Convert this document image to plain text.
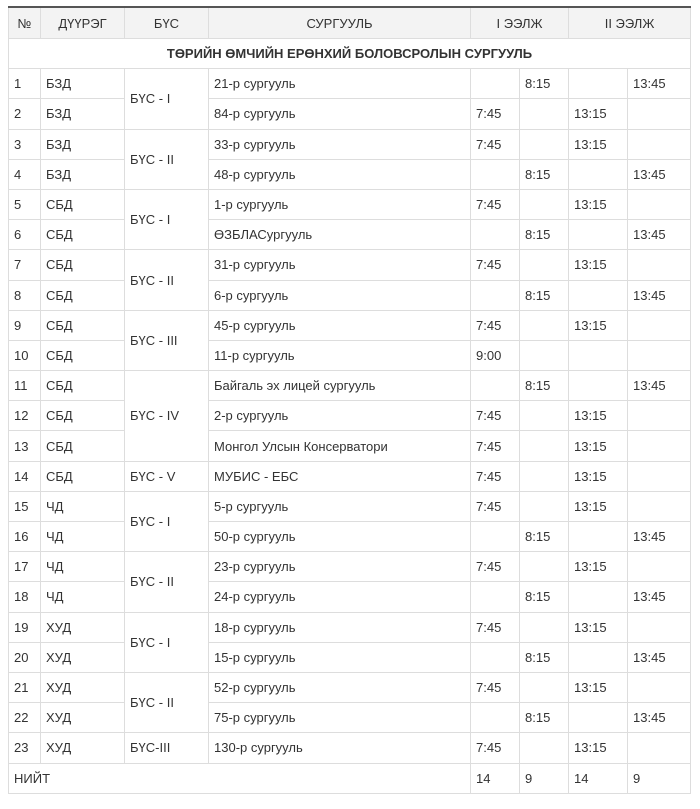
№	ДҮҮРЭГ	БҮС	СУРГУУЛЬ	I ЭЭЛЖ		II ЭЭЛЖ	
ТӨРИЙН ӨМЧИЙН ЕРӨНХИЙ БОЛОВСРОЛЫН СУРГУУЛЬ							
1	БЗД	БҮС - I	21-р сургууль		8:15		13:45
2	БЗД		84-р сургууль	7:45		13:15	
3	БЗД	БҮС - II	33-р сургууль	7:45		13:15	
4	БЗД		48-р сургууль		8:15		13:45
5	СБД	БҮС - I	1-р сургууль	7:45		13:15	
6	СБД		ӨЗБЛАСургууль		8:15		13:45
7	СБД	БҮС - II	31-р сургууль	7:45		13:15	
8	СБД		6-р сургууль		8:15		13:45
9	СБД	БҮС - III	45-р сургууль	7:45		13:15	
10	СБД		11-р сургууль	9:00			
11	СБД	БҮС - IV	Байгаль эх лицей сургууль		8:15		13:45
12	СБД		2-р сургууль	7:45		13:15	
13	СБД		Монгол Улсын Консерватори	7:45		13:15	
14	СБД	БҮС - V	МУБИС - ЕБС	7:45		13:15	
15	ЧД	БҮС - I	5-р сургууль	7:45		13:15	
16	ЧД		50-р сургууль		8:15		13:45
17	ЧД	БҮС - II	23-р сургууль	7:45		13:15	
18	ЧД		24-р сургууль		8:15		13:45
19	ХУД	БҮС - I	18-р сургууль	7:45		13:15	
20	ХУД		15-р сургууль		8:15		13:45
21	ХУД	БҮС - II	52-р сургууль	7:45		13:15	
22	ХУД		75-р сургууль		8:15		13:45
23	ХУД	БҮС-III	130-р сургууль	7:45		13:15	
НИЙТ				14	9	14	9
